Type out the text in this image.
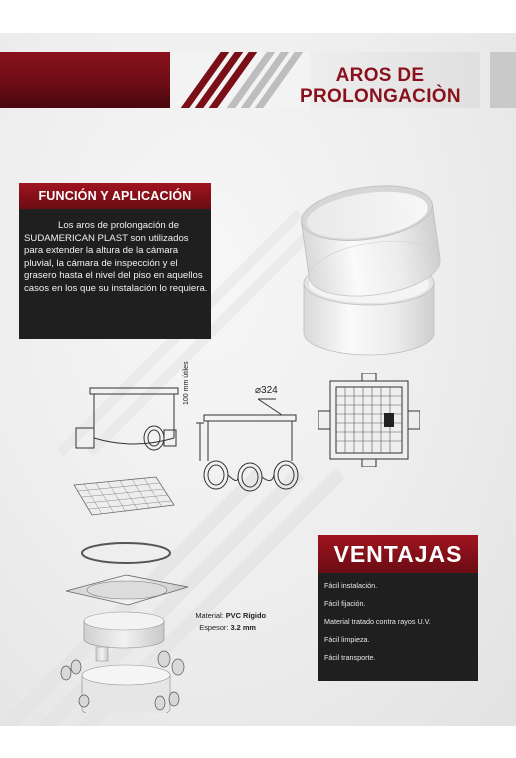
AROS DE
PROLONGACIÒN
FUNCIÓN Y APLICACIÓN
Los aros de prolongación de SUDAMERICAN PLAST son utilizados para extender la altura de la cámara pluvial, la cámara de inspección y el grasero hasta el nivel del piso en aquellos casos en los que su instalación lo requiera.
⌀324
100 mm útiles
Material: PVC Rígido
Espesor: 3.2 mm
VENTAJAS
Fácil instalación.
Fácil fijación.
Material tratado contra rayos U.V.
Fácil limpieza.
Fácil transporte.
